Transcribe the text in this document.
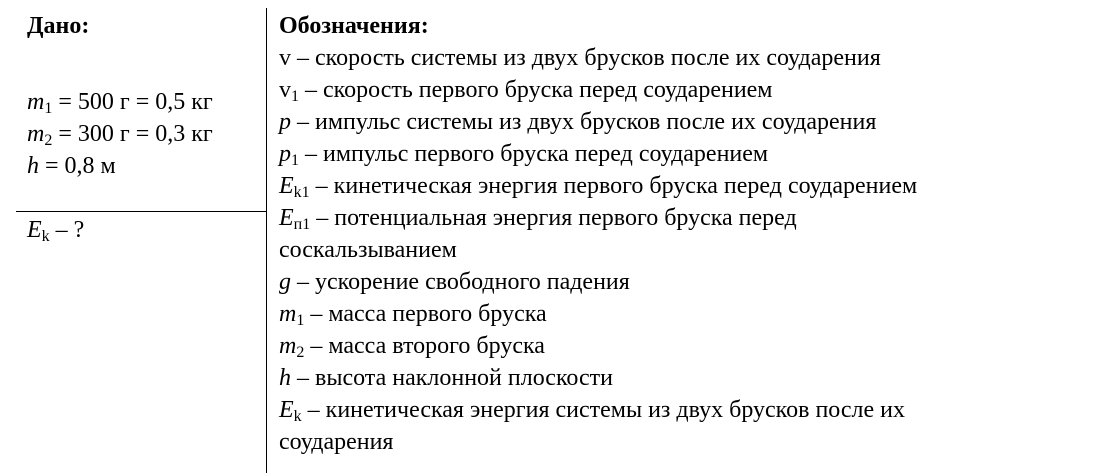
Дано:
$m_1 = 500$ г = 0,5 кг
$m_2 = 300$ г = 0,3 кг
h = 0,8 м
$E_k$ – ?
Обозначения:
v – скорость системы из двух брусков после их соударения
$v_1$ – скорость первого бруска перед соударением
p – импульс системы из двух брусков после их соударения
$p_1$ – импульс первого бруска перед соударением
$E_{k1}$ – кинетическая энергия первого бруска перед соударением
$E_{п1}$ – потенциальная энергия первого бруска перед
соскальзыванием
g – ускорение свободного падения
$m_1$ – масса первого бруска
$m_2$ – масса второго бруска
h – высота наклонной плоскости
$E_k$ – кинетическая энергия системы из двух брусков после их
соударения
